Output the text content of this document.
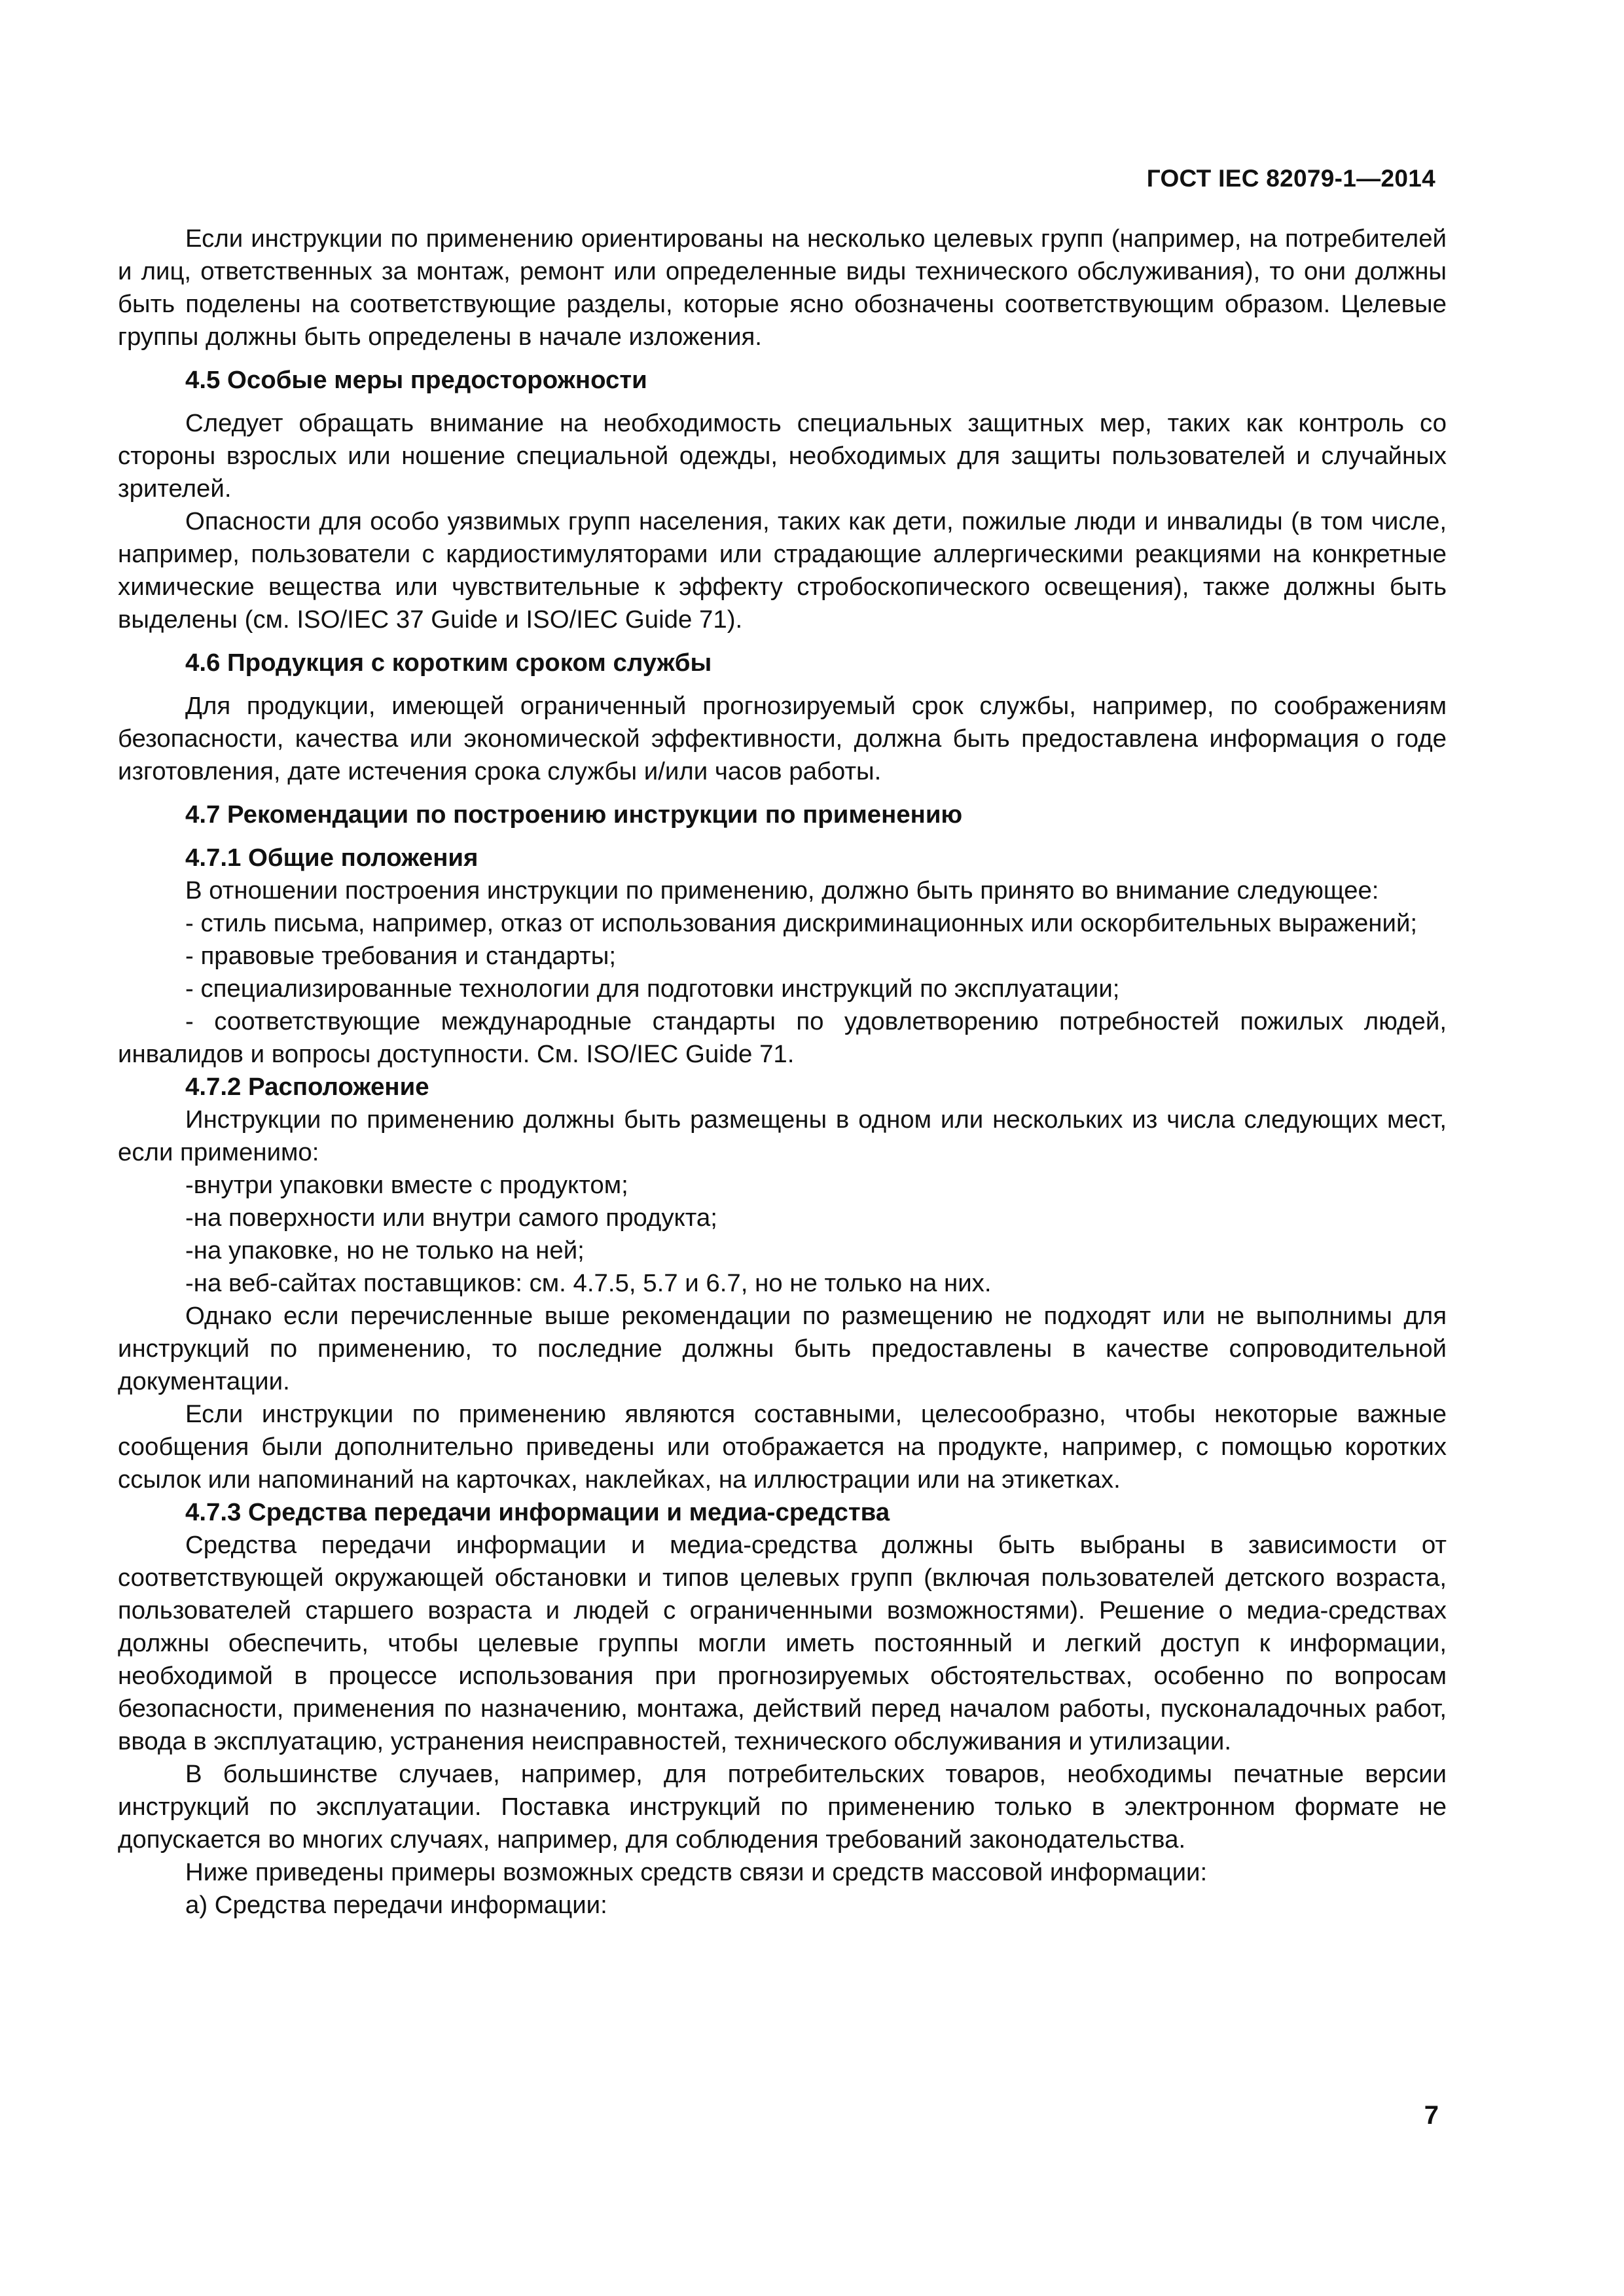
ГОСТ IEC 82079-1—2014

Если инструкции по применению ориентированы на несколько целевых групп (например, на потребителей и лиц, ответственных за монтаж, ремонт или определенные виды технического обслуживания), то они должны быть поделены на соответствующие разделы, которые ясно обозначены соответствующим образом. Целевые группы должны быть определены в начале изложения.

4.5 Особые меры предосторожности

Следует обращать внимание на необходимость специальных защитных мер, таких как контроль со стороны взрослых или ношение специальной одежды, необходимых для защиты пользователей и случайных зрителей.

Опасности для особо уязвимых групп населения, таких как дети, пожилые люди и инвалиды (в том числе, например, пользователи с кардиостимуляторами или страдающие аллергическими реакциями на конкретные химические вещества или чувствительные к эффекту стробоскопического освещения), также должны быть выделены (см. ISO/IEC 37 Guide и ISO/IEC Guide 71).

4.6 Продукция с коротким сроком службы

Для продукции, имеющей ограниченный прогнозируемый срок службы, например, по соображениям безопасности, качества или экономической эффективности, должна быть предоставлена информация о годе изготовления, дате истечения срока службы и/или часов работы.

4.7 Рекомендации по построению инструкции по применению

4.7.1 Общие положения

В отношении построения инструкции по применению, должно быть принято во внимание следующее:

- стиль письма, например, отказ от использования дискриминационных или оскорбительных выражений;

- правовые требования и стандарты;

- специализированные технологии для подготовки инструкций по эксплуатации;

- соответствующие международные стандарты по удовлетворению потребностей пожилых людей, инвалидов и вопросы доступности. См. ISO/IEC Guide 71.

4.7.2 Расположение

Инструкции по применению должны быть размещены в одном или нескольких из числа следующих мест, если применимо:

-внутри упаковки вместе с продуктом;

-на поверхности или внутри самого продукта;

-на упаковке, но не только на ней;

-на веб-сайтах поставщиков: см. 4.7.5, 5.7 и 6.7, но не только на них.

Однако если перечисленные выше рекомендации по размещению не подходят или не выполнимы для инструкций по применению, то последние должны быть предоставлены в качестве сопроводительной документации.

Если инструкции по применению являются составными, целесообразно, чтобы некоторые важные сообщения были дополнительно приведены или отображается на продукте, например, с помощью коротких ссылок или напоминаний на карточках, наклейках, на иллюстрации или на этикетках.

4.7.3 Средства передачи информации и медиа-средства

Средства передачи информации и медиа-средства должны быть выбраны в зависимости от соответствующей окружающей обстановки и типов целевых групп (включая пользователей детского возраста, пользователей старшего возраста и людей с ограниченными возможностями). Решение о медиа-средствах должны обеспечить, чтобы целевые группы могли иметь постоянный и легкий доступ к информации, необходимой в процессе использования при прогнозируемых обстоятельствах, особенно по вопросам безопасности, применения по назначению, монтажа, действий перед началом работы, пусконаладочных работ, ввода в эксплуатацию, устранения неисправностей, технического обслуживания и утилизации.

В большинстве случаев, например, для потребительских товаров, необходимы печатные версии инструкций по эксплуатации. Поставка инструкций по применению только в электронном формате не допускается во многих случаях, например, для соблюдения требований законодательства.

Ниже приведены примеры возможных средств связи и средств массовой информации:

а) Средства передачи информации:

7
